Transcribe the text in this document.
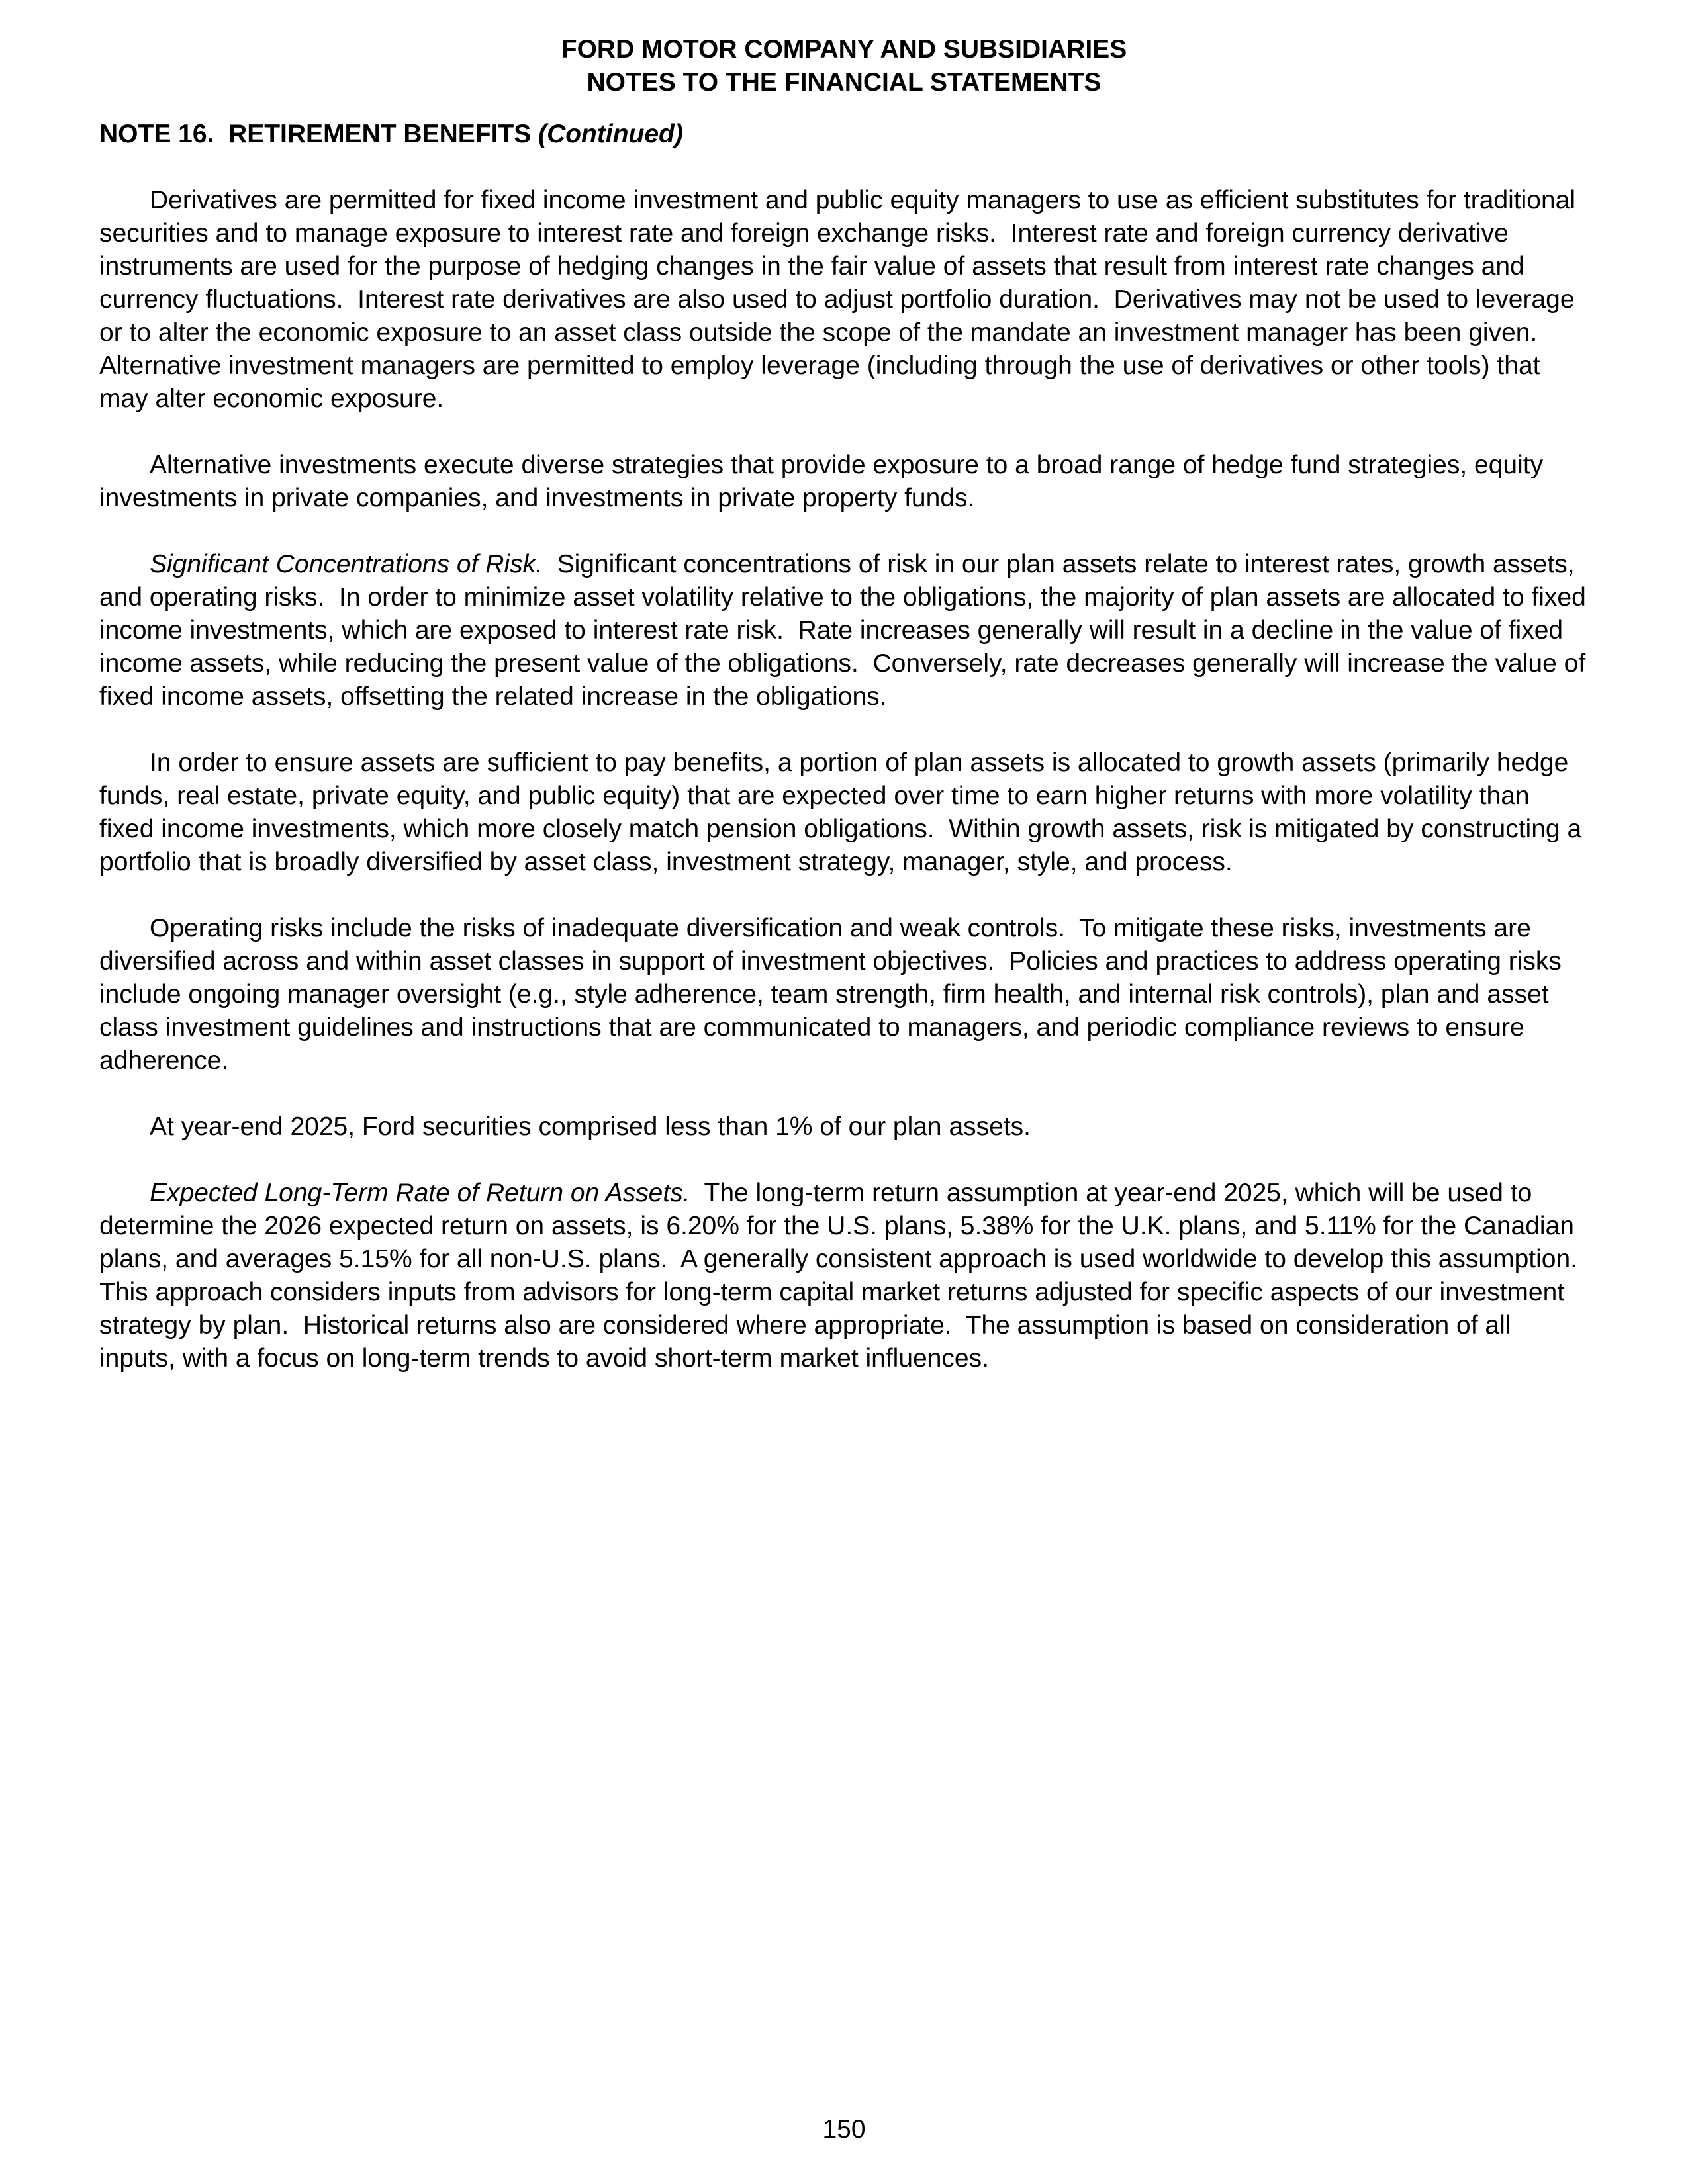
FORD MOTOR COMPANY AND SUBSIDIARIES
NOTES TO THE FINANCIAL STATEMENTS
NOTE 16.  RETIREMENT BENEFITS (Continued)

Derivatives are permitted for fixed income investment and public equity managers to use as efficient substitutes for traditional securities and to manage exposure to interest rate and foreign exchange risks.  Interest rate and foreign currency derivative instruments are used for the purpose of hedging changes in the fair value of assets that result from interest rate changes and currency fluctuations.  Interest rate derivatives are also used to adjust portfolio duration.  Derivatives may not be used to leverage or to alter the economic exposure to an asset class outside the scope of the mandate an investment manager has been given.  Alternative investment managers are permitted to employ leverage (including through the use of derivatives or other tools) that may alter economic exposure.

Alternative investments execute diverse strategies that provide exposure to a broad range of hedge fund strategies, equity investments in private companies, and investments in private property funds.

Significant Concentrations of Risk.  Significant concentrations of risk in our plan assets relate to interest rates, growth assets, and operating risks.  In order to minimize asset volatility relative to the obligations, the majority of plan assets are allocated to fixed income investments, which are exposed to interest rate risk.  Rate increases generally will result in a decline in the value of fixed income assets, while reducing the present value of the obligations.  Conversely, rate decreases generally will increase the value of fixed income assets, offsetting the related increase in the obligations.

In order to ensure assets are sufficient to pay benefits, a portion of plan assets is allocated to growth assets (primarily hedge funds, real estate, private equity, and public equity) that are expected over time to earn higher returns with more volatility than fixed income investments, which more closely match pension obligations.  Within growth assets, risk is mitigated by constructing a portfolio that is broadly diversified by asset class, investment strategy, manager, style, and process.

Operating risks include the risks of inadequate diversification and weak controls.  To mitigate these risks, investments are diversified across and within asset classes in support of investment objectives.  Policies and practices to address operating risks include ongoing manager oversight (e.g., style adherence, team strength, firm health, and internal risk controls), plan and asset class investment guidelines and instructions that are communicated to managers, and periodic compliance reviews to ensure adherence.

At year-end 2025, Ford securities comprised less than 1% of our plan assets.

Expected Long-Term Rate of Return on Assets.  The long-term return assumption at year-end 2025, which will be used to determine the 2026 expected return on assets, is 6.20% for the U.S. plans, 5.38% for the U.K. plans, and 5.11% for the Canadian plans, and averages 5.15% for all non-U.S. plans.  A generally consistent approach is used worldwide to develop this assumption.  This approach considers inputs from advisors for long-term capital market returns adjusted for specific aspects of our investment strategy by plan.  Historical returns also are considered where appropriate.  The assumption is based on consideration of all inputs, with a focus on long-term trends to avoid short-term market influences.

150
